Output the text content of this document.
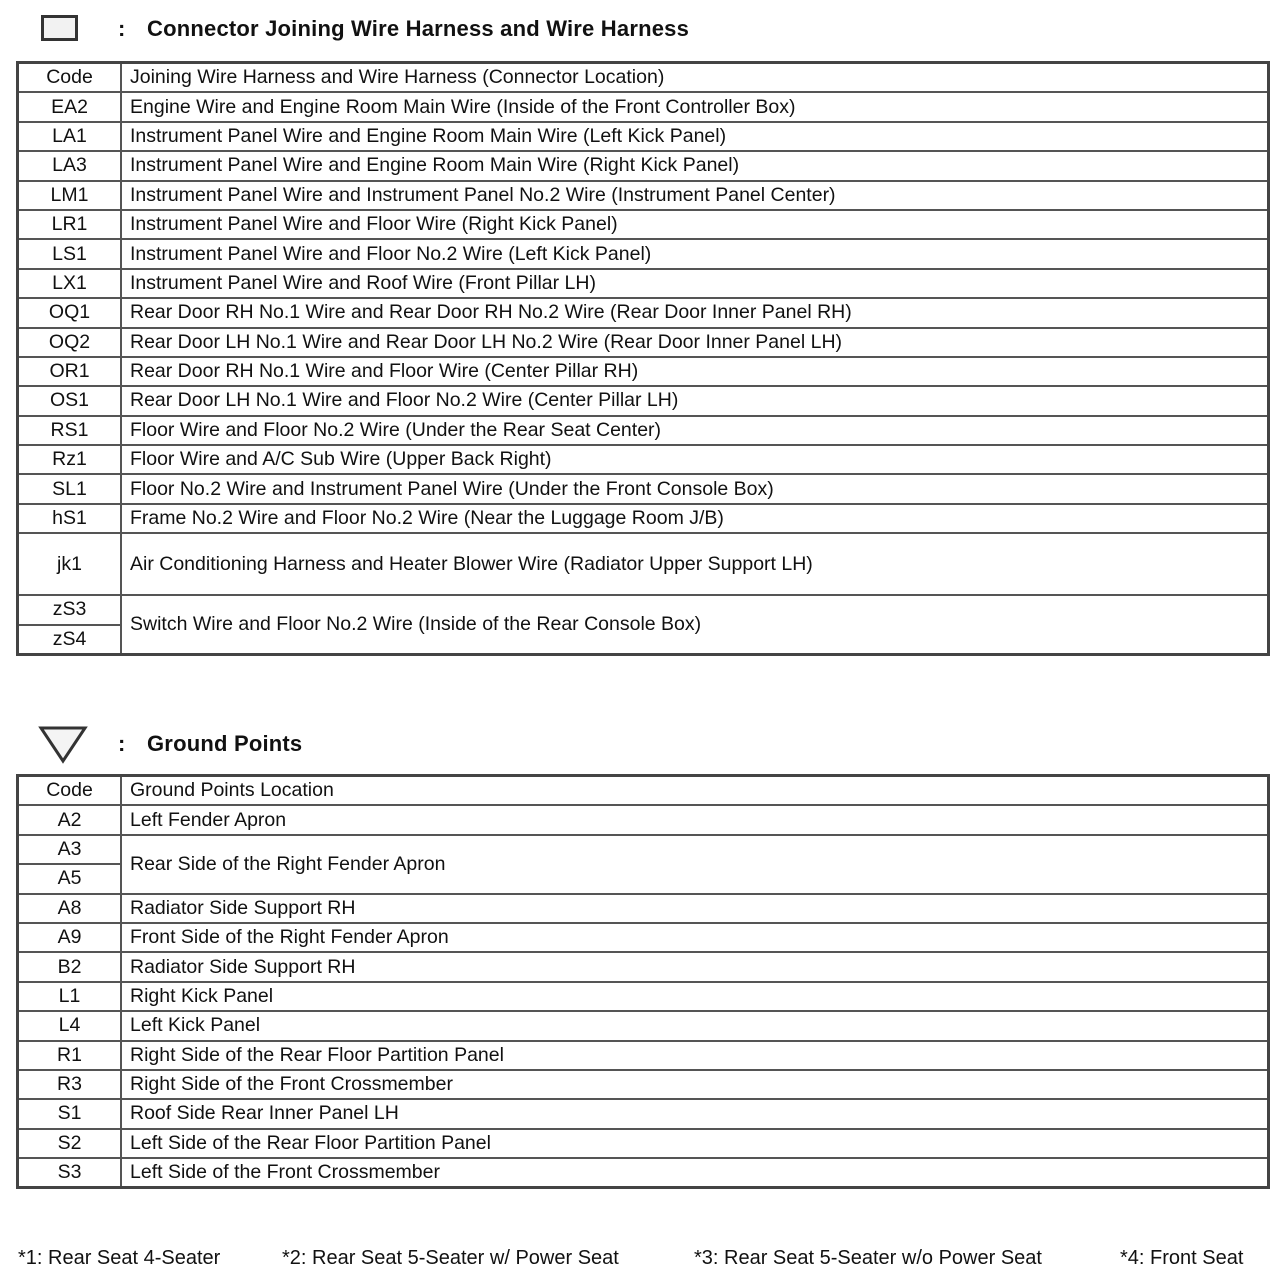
: Connector Joining Wire Harness and Wire Harness
Code	Joining Wire Harness and Wire Harness (Connector Location)
EA2	Engine Wire and Engine Room Main Wire (Inside of the Front Controller Box)
LA1	Instrument Panel Wire and Engine Room Main Wire (Left Kick Panel)
LA3	Instrument Panel Wire and Engine Room Main Wire (Right Kick Panel)
LM1	Instrument Panel Wire and Instrument Panel No.2 Wire (Instrument Panel Center)
LR1	Instrument Panel Wire and Floor Wire (Right Kick Panel)
LS1	Instrument Panel Wire and Floor No.2 Wire (Left Kick Panel)
LX1	Instrument Panel Wire and Roof Wire (Front Pillar LH)
OQ1	Rear Door RH No.1 Wire and Rear Door RH No.2 Wire (Rear Door Inner Panel RH)
OQ2	Rear Door LH No.1 Wire and Rear Door LH No.2 Wire (Rear Door Inner Panel LH)
OR1	Rear Door RH No.1 Wire and Floor Wire (Center Pillar RH)
OS1	Rear Door LH No.1 Wire and Floor No.2 Wire (Center Pillar LH)
RS1	Floor Wire and Floor No.2 Wire (Under the Rear Seat Center)
Rz1	Floor Wire and A/C Sub Wire (Upper Back Right)
SL1	Floor No.2 Wire and Instrument Panel Wire (Under the Front Console Box)
hS1	Frame No.2 Wire and Floor No.2 Wire (Near the Luggage Room J/B)
jk1	Air Conditioning Harness and Heater Blower Wire (Radiator Upper Support LH)
zS3	Switch Wire and Floor No.2 Wire (Inside of the Rear Console Box)
zS4	
: Ground Points
Code	Ground Points Location
A2	Left Fender Apron
A3	Rear Side of the Right Fender Apron
A5	
A8	Radiator Side Support RH
A9	Front Side of the Right Fender Apron
B2	Radiator Side Support RH
L1	Right Kick Panel
L4	Left Kick Panel
R1	Right Side of the Rear Floor Partition Panel
R3	Right Side of the Front Crossmember
S1	Roof Side Rear Inner Panel LH
S2	Left Side of the Rear Floor Partition Panel
S3	Left Side of the Front Crossmember
*1: Rear Seat 4-Seater	*2: Rear Seat 5-Seater w/ Power Seat	*3: Rear Seat 5-Seater w/o Power Seat	*4: Front Seat
